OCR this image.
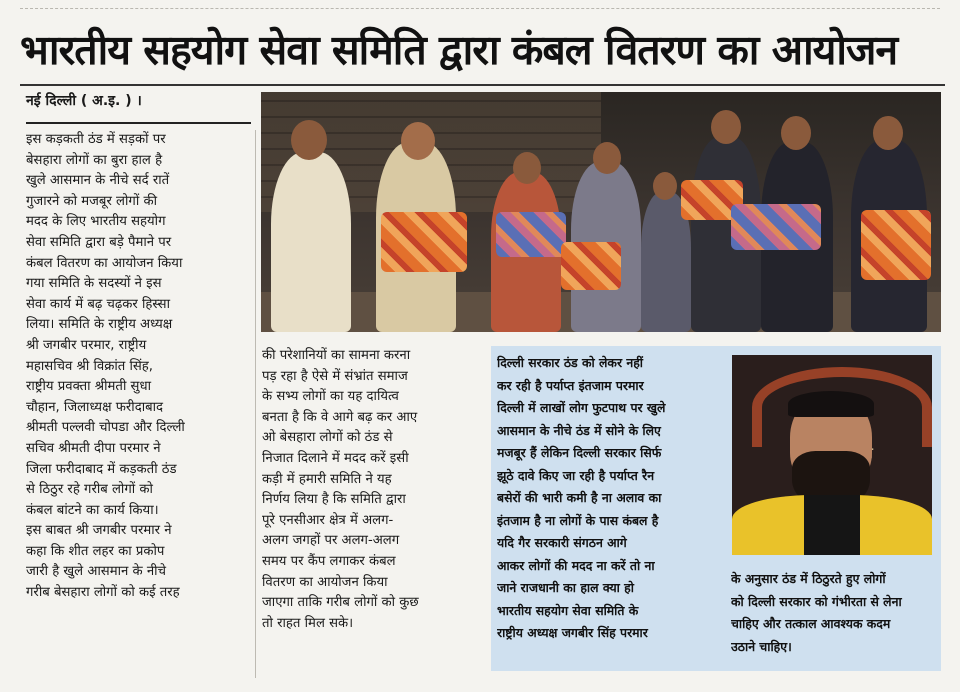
भारतीय सहयोग सेवा समिति द्वारा कंबल वितरण का आयोजन
नई दिल्ली ( अ.इ. ) ।
इस कड़कती ठंड में सड़कों पर
बेसहारा लोगों का बुरा हाल है
खुले आसमान के नीचे सर्द रातें
गुजारने को मजबूर लोगों की
मदद के लिए भारतीय सहयोग
सेवा समिति द्वारा बड़े पैमाने पर
कंबल वितरण का आयोजन किया
गया समिति के सदस्यों ने इस
सेवा कार्य में बढ़ चढ़कर हिस्सा
लिया। समिति के राष्ट्रीय अध्यक्ष
श्री जगबीर परमार, राष्ट्रीय
महासचिव श्री विक्रांत सिंह,
राष्ट्रीय प्रवक्ता श्रीमती सुधा
चौहान, जिलाध्यक्ष फरीदाबाद
श्रीमती पल्लवी चोपडा और दिल्ली
सचिव श्रीमती दीपा परमार ने
जिला फरीदाबाद में कड़कती ठंड
से ठिठुर रहे गरीब लोगों को
कंबल बांटने का कार्य किया।
इस बाबत श्री जगबीर परमार ने
कहा कि शीत लहर का प्रकोप
जारी है खुले आसमान के नीचे
गरीब बेसहारा लोगों को कई तरह
की परेशानियों का सामना करना
पड़ रहा है ऐसे में संभ्रांत समाज
के सभ्य लोगों का यह दायित्व
बनता है कि वे आगे बढ़ कर आए
ओ बेसहारा लोगों को ठंड से
निजात दिलाने में मदद करें इसी
कड़ी में हमारी समिति ने यह
निर्णय लिया है कि समिति द्वारा
पूरे एनसीआर क्षेत्र में अलग-
अलग जगहों पर अलग-अलग
समय पर कैंप लगाकर कंबल
वितरण का आयोजन किया
जाएगा ताकि गरीब लोगों को कुछ
तो राहत मिल सके।
दिल्ली सरकार ठंड को लेकर नहीं
कर रही है पर्याप्त इंतजाम परमार
दिल्ली में लाखों लोग फुटपाथ पर खुले
आसमान के नीचे ठंड में सोने के लिए
मजबूर हैं लेकिन दिल्ली सरकार सिर्फ
झूठे दावे किए जा रही है पर्याप्त रैन
बसेरों की भारी कमी है ना अलाव का
इंतजाम है ना लोगों के पास कंबल है
यदि गैर सरकारी संगठन आगे
आकर लोगों की मदद ना करें तो ना
जाने राजधानी का हाल क्या हो
भारतीय सहयोग सेवा समिति के
राष्ट्रीय अध्यक्ष जगबीर सिंह परमार
के अनुसार ठंड में ठिठुरते हुए लोगों
को दिल्ली सरकार को गंभीरता से लेना
चाहिए और तत्काल आवश्यक कदम
उठाने चाहिए।
